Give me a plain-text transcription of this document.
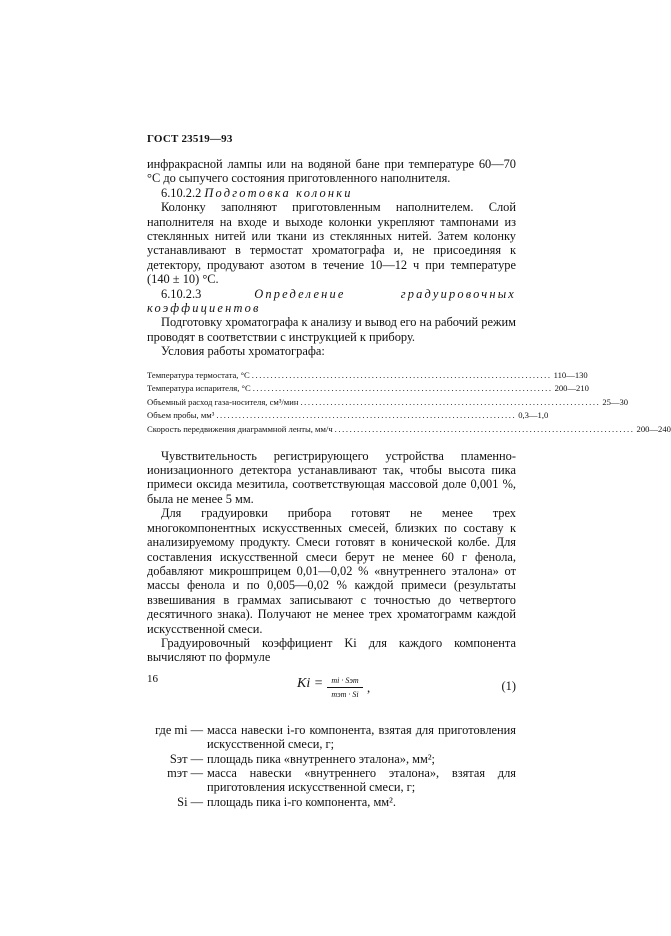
ГОСТ 23519—93

инфракрасной лампы или на водяной бане при температуре 60—70 °С до сыпучего состояния приготовленного наполнителя.

6.10.2.2 Подготовка колонки

Колонку заполняют приготовленным наполнителем. Слой наполнителя на входе и выходе колонки укрепляют тампонами из стеклянных нитей или ткани из стеклянных нитей. Затем колонку устанавливают в термостат хроматографа и, не присоединяя к детектору, продувают азотом в течение 10—12 ч при температуре (140 ± 10) °С.

6.10.2.3	Определение градуировочных коэффициентов

Подготовку хроматографа к анализу и вывод его на рабочий режим проводят в соответствии с инструкцией к прибору.

Условия работы хроматографа:

Температура термостата, °С ................................................................................ 110—130
Температура испарителя, °С ................................................................................ 200—210
Объемный расход газа-носителя, см³/мин ................................................................................ 25—30
Объем пробы, мм³ ................................................................................ 0,3—1,0
Скорость передвижения диаграммной ленты, мм/ч ................................................................................ 200—240

Чувствительность регистрирующего устройства пламенно-ионизационного детектора устанавливают так, чтобы высота пика примеси оксида мезитила, соответствующая массовой доле 0,001 %, была не менее 5 мм.

Для градуировки прибора готовят не менее трех многокомпонентных искусственных смесей, близких по составу к анализируемому продукту. Смеси готовят в конической колбе. Для составления искусственной смеси берут не менее 60 г фенола, добавляют микрошприцем 0,01—0,02 % «внутреннего эталона» от массы фенола и по 0,005—0,02 % каждой примеси (результаты взвешивания в граммах записывают с точностью до четвертого десятичного знака). Получают не менее трех хроматограмм каждой искусственной смеси.

Градуировочный коэффициент Ki для каждого компонента вычисляют по формуле

Ki =	mi · Sэт
mэт · Si ,	(1)
где mi — масса навески i-го компонента, взятая для приготовления искусственной смеси, г;
Sэт — площадь пика «внутреннего эталона», мм²;
mэт — масса навески «внутреннего эталона», взятая для приготовления искусственной смеси, г;
Si — площадь пика i-го компонента, мм².
16
